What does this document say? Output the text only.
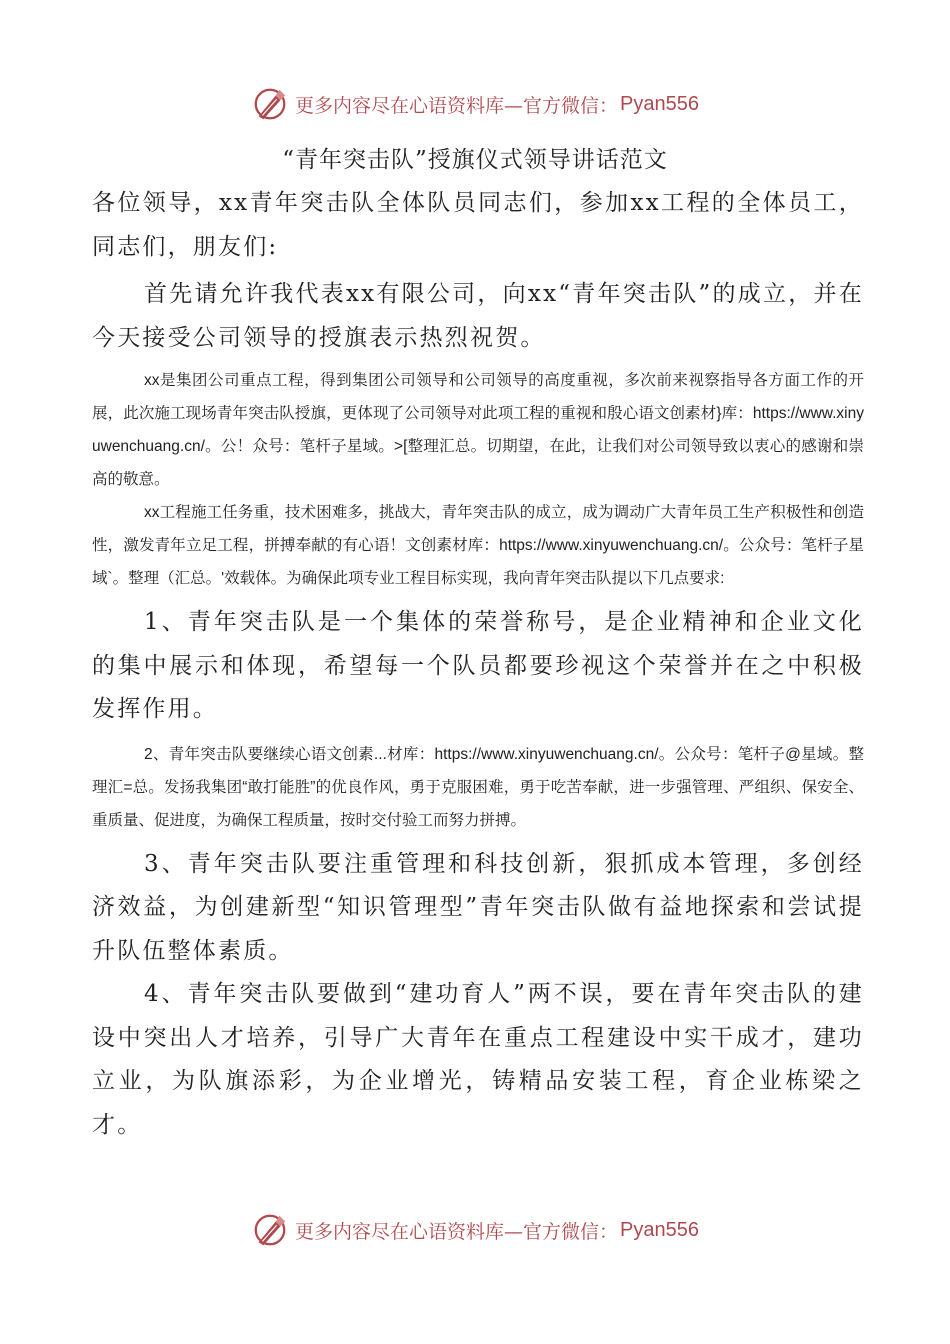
更多内容尽在心语资料库—官方微信： Pyan556
“青年突击队”授旗仪式领导讲话范文

各位领导，xx青年突击队全体队员同志们，参加xx工程的全体员工，同志们，朋友们:

首先请允许我代表xx有限公司，向xx“青年突击队”的成立，并在今天接受公司领导的授旗表示热烈祝贺。

xx是集团公司重点工程，得到集团公司领导和公司领导的高度重视，多次前来视察指导各方面工作的开展，此次施工现场青年突击队授旗，更体现了公司领导对此项工程的重视和殷心语文创素材}库：https://www.xinyuwenchuang.cn/。公！众号：笔杆子星域。>[整理汇总。切期望，在此，让我们对公司领导致以衷心的感谢和崇高的敬意。

xx工程施工任务重，技术困难多，挑战大，青年突击队的成立，成为调动广大青年员工生产积极性和创造性，激发青年立足工程，拼搏奉献的有心语！文创素材库：https://www.xinyuwenchuang.cn/。公众号：笔杆子星域`。整理（汇总。'效载体。为确保此项专业工程目标实现，我向青年突击队提以下几点要求:

1、青年突击队是一个集体的荣誉称号，是企业精神和企业文化的集中展示和体现，希望每一个队员都要珍视这个荣誉并在之中积极发挥作用。

2、青年突击队要继续心语文创素...材库：https://www.xinyuwenchuang.cn/。公众号：笔杆子@星域。整理汇=总。发扬我集团“敢打能胜”的优良作风，勇于克服困难，勇于吃苦奉献，进一步强管理、严组织、保安全、重质量、促进度，为确保工程质量，按时交付验工而努力拼搏。

3、青年突击队要注重管理和科技创新，狠抓成本管理，多创经济效益，为创建新型“知识管理型”青年突击队做有益地探索和尝试提升队伍整体素质。

4、青年突击队要做到“建功育人”两不误，要在青年突击队的建设中突出人才培养，引导广大青年在重点工程建设中实干成才，建功立业，为队旗添彩，为企业增光，铸精品安装工程，育企业栋梁之才。

更多内容尽在心语资料库—官方微信： Pyan556
